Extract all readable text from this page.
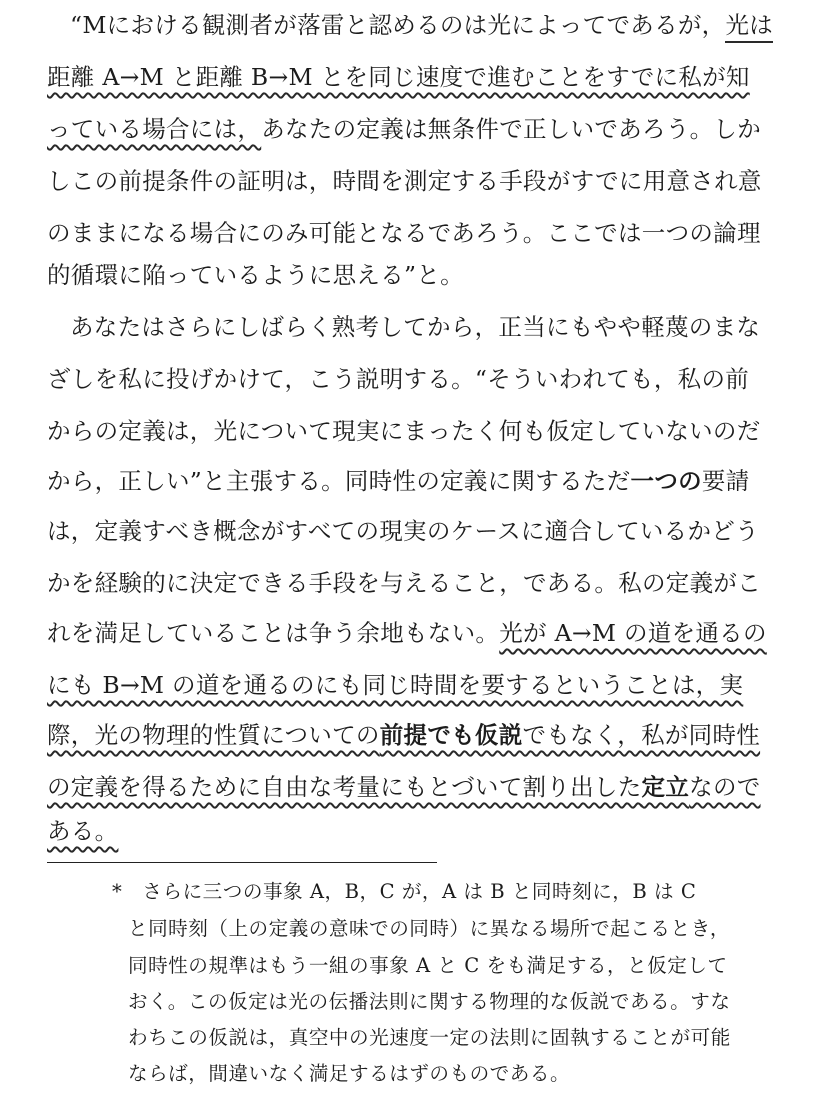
“Mにおける観測者が落雷と認めるのは光によってであるが，光は
距離 A→M と距離 B→M とを同じ速度で進むことをすでに私が知
っている場合には，あなたの定義は無条件で正しいであろう。しか
しこの前提条件の証明は，時間を測定する手段がすでに用意され意
のままになる場合にのみ可能となるであろう。ここでは一つの論理
的循環に陥っているように思える”と。
あなたはさらにしばらく熟考してから，正当にもやや軽蔑のまな
ざしを私に投げかけて，こう説明する。“そういわれても，私の前
からの定義は，光について現実にまったく何も仮定していないのだ
から，正しい”と主張する。同時性の定義に関するただ一つの要請
は，定義すべき概念がすべての現実のケースに適合しているかどう
かを経験的に決定できる手段を与えること，である。私の定義がこ
れを満足していることは争う余地もない。光が A→M の道を通るの
にも B→M の道を通るのにも同じ時間を要するということは，実
際，光の物理的性質についての前提でも仮説でもなく，私が同時性
の定義を得るために自由な考量にもとづいて割り出した定立なので
ある。
*　さらに三つの事象 A，B，C が，A は B と同時刻に，B は C
と同時刻（上の定義の意味での同時）に異なる場所で起こるとき，
同時性の規準はもう一組の事象 A と C をも満足する，と仮定して
おく。この仮定は光の伝播法則に関する物理的な仮説である。すな
わちこの仮説は，真空中の光速度一定の法則に固執することが可能
ならば，間違いなく満足するはずのものである。
